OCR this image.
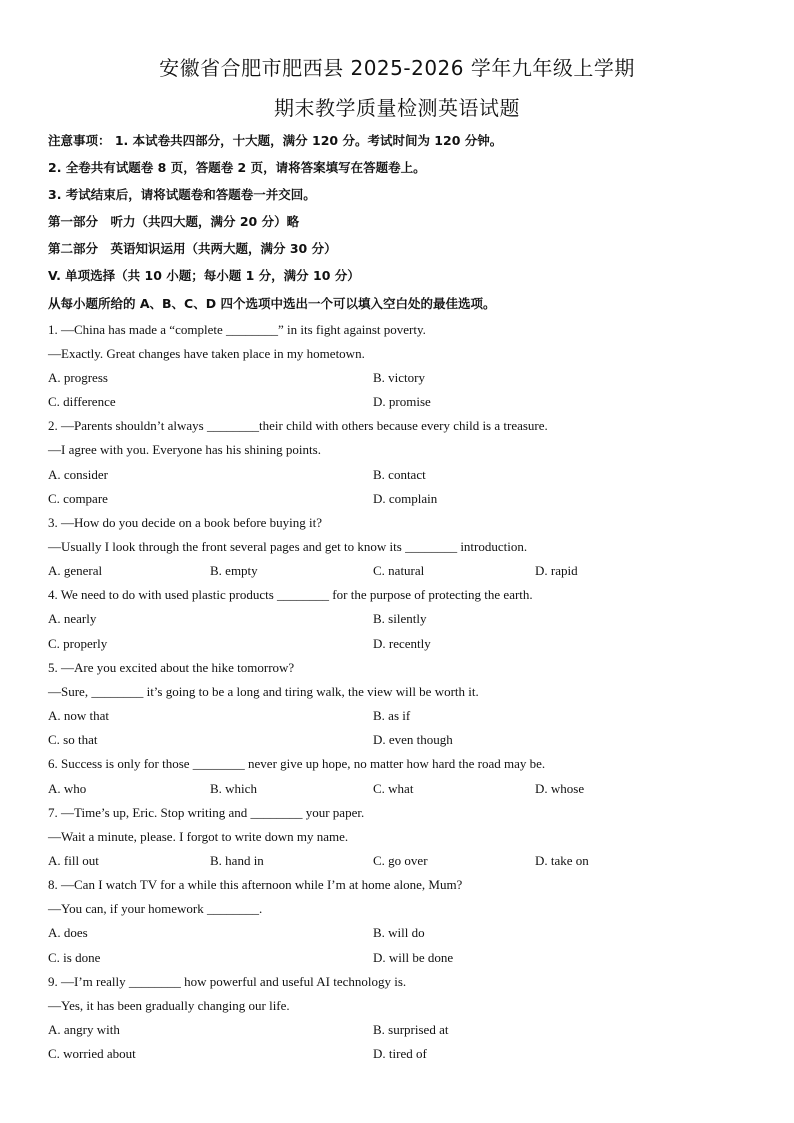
安徽省合肥市肥西县 2025-2026 学年九年级上学期
期末教学质量检测英语试题
注意事项： 1. 本试卷共四部分，十大题，满分 120 分。考试时间为 120 分钟。
2. 全卷共有试题卷 8 页，答题卷 2 页，请将答案填写在答题卷上。
3. 考试结束后，请将试题卷和答题卷一并交回。
第一部分　听力（共四大题，满分 20 分）略
第二部分　英语知识运用（共两大题，满分 30 分）
V. 单项选择（共 10 小题；每小题 1 分，满分 10 分）
从每小题所给的 A、B、C、D 四个选项中选出一个可以填入空白处的最佳选项。
1. —China has made a “complete ________” in its fight against poverty.
—Exactly. Great changes have taken place in my hometown.
A. progress	B. victory
C. difference	D. promise
2. —Parents shouldn’t always ________their child with others because every child is a treasure.
—I agree with you. Everyone has his shining points.
A. consider	B. contact
C. compare	D. complain
3. —How do you decide on a book before buying it?
—Usually I look through the front several pages and get to know its ________ introduction.
A. general	B. empty	C. natural	D. rapid
4. We need to do with used plastic products ________ for the purpose of protecting the earth.
A. nearly	B. silently
C. properly	D. recently
5. —Are you excited about the hike tomorrow?
—Sure, ________ it’s going to be a long and tiring walk, the view will be worth it.
A. now that	B. as if
C. so that	D. even though
6. Success is only for those ________ never give up hope, no matter how hard the road may be.
A. who	B. which	C. what	D. whose
7. —Time’s up, Eric. Stop writing and ________ your paper.
—Wait a minute, please. I forgot to write down my name.
A. fill out	B. hand in	C. go over	D. take on
8. —Can I watch TV for a while this afternoon while I’m at home alone, Mum?
—You can, if your homework ________.
A. does	B. will do
C. is done	D. will be done
9. —I’m really ________ how powerful and useful AI technology is.
—Yes, it has been gradually changing our life.
A. angry with	B. surprised at
C. worried about	D. tired of
